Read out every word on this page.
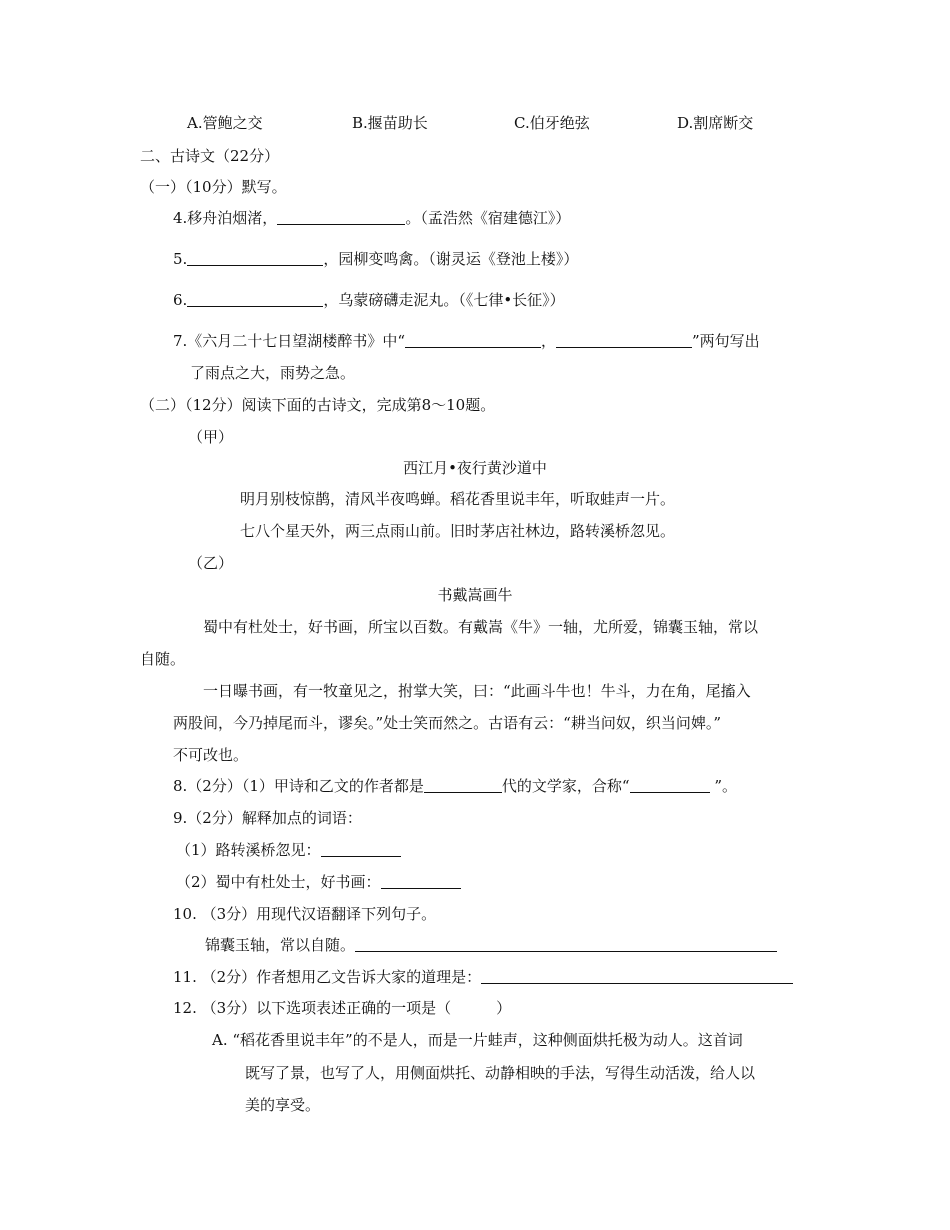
A.管鲍之交	B.揠苗助长	C.伯牙绝弦	D.割席断交
二、古诗文（22分）
（一）（10分）默写。
4.移舟泊烟渚，	。（孟浩然《宿建德江》）
5.	，园柳变鸣禽。（谢灵运《登池上楼》）
6.	，乌蒙磅礴走泥丸。（《七律•长征》）
7.《六月二十七日望湖楼醉书》中“	，	”两句写出
了雨点之大，雨势之急。
（二）（12分）阅读下面的古诗文，完成第8～10题。
（甲）
西江月•夜行黄沙道中
明月别枝惊鹊，清风半夜鸣蝉。稻花香里说丰年，听取蛙声一片。
七八个星天外，两三点雨山前。旧时茅店社林边，路转溪桥忽见。
（乙）
书戴嵩画牛
蜀中有杜处士，好书画，所宝以百数。有戴嵩《牛》一轴，尤所爱，锦囊玉轴，常以
自随。
一日曝书画，有一牧童见之，拊掌大笑，曰：“此画斗牛也！牛斗，力在角，尾搐入
两股间，今乃掉尾而斗，谬矣。”处士笑而然之。古语有云：“耕当问奴，织当问婢。”
不可改也。
8.（2分）（1）甲诗和乙文的作者都是	代的文学家，合称“	”。
9.（2分）解释加点的词语：
（1）路转溪桥忽见：
（2）蜀中有杜处士，好书画：
10. （3分）用现代汉语翻译下列句子。
锦囊玉轴，常以自随。
11. （2分）作者想用乙文告诉大家的道理是：
12. （3分）以下选项表述正确的一项是（　　　）
A. “稻花香里说丰年”的不是人，而是一片蛙声，这种侧面烘托极为动人。这首词
既写了景，也写了人，用侧面烘托、动静相映的手法，写得生动活泼，给人以
美的享受。
